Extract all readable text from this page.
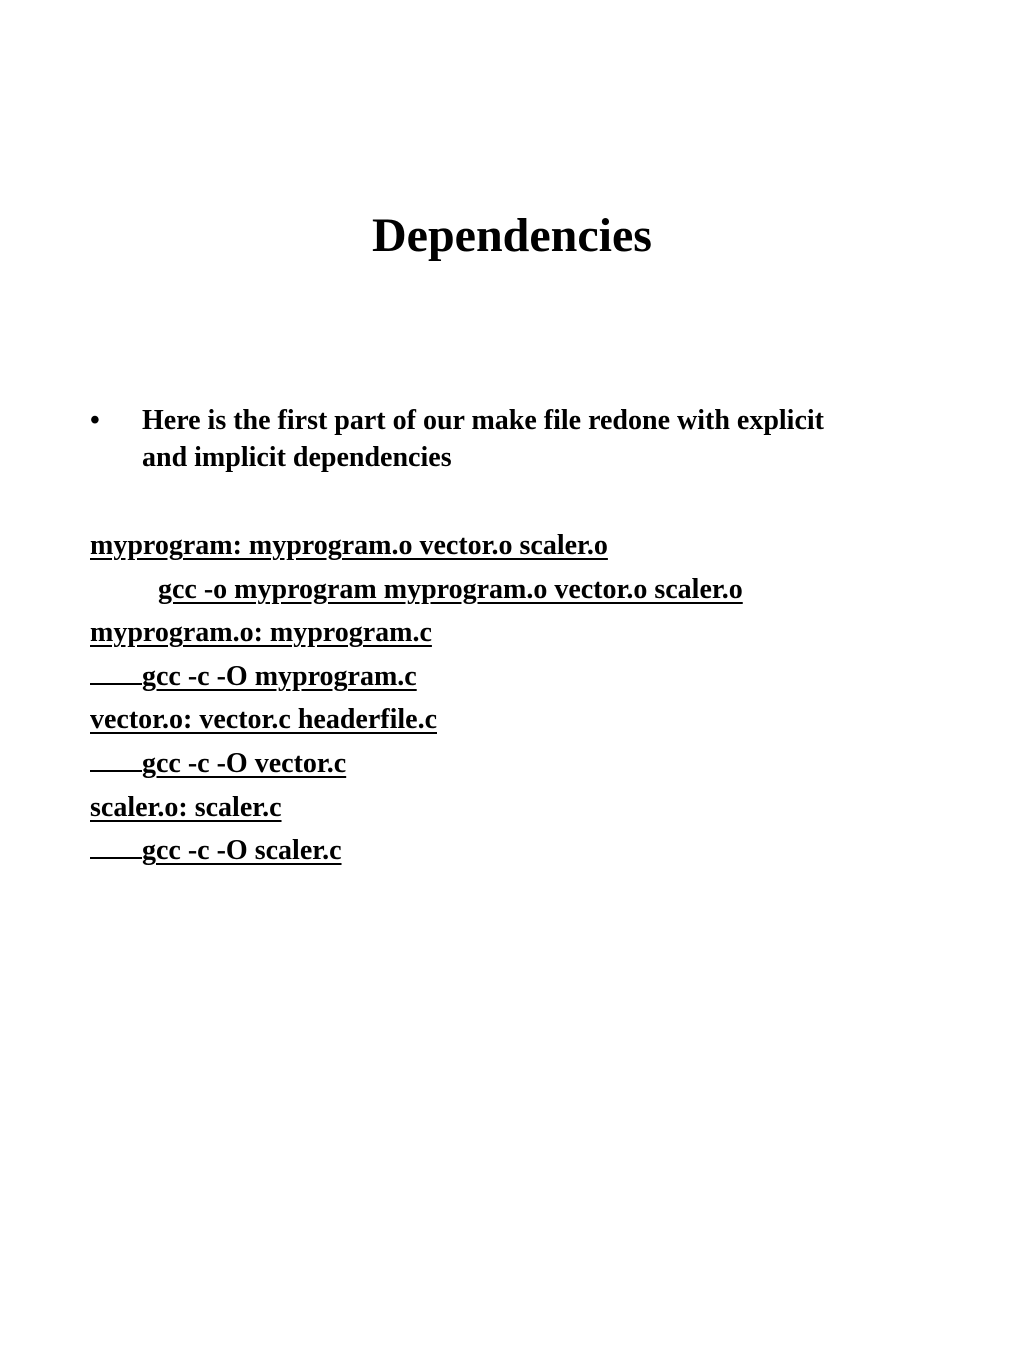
Dependencies
•	Here is the first part of our make file redone with explicit
and implicit dependencies
myprogram: myprogram.o vector.o scaler.o
gcc -o myprogram myprogram.o vector.o scaler.o
myprogram.o: myprogram.c
gcc -c -O myprogram.c
vector.o: vector.c headerfile.c
gcc -c -O vector.c
scaler.o: scaler.c
gcc -c -O scaler.c
